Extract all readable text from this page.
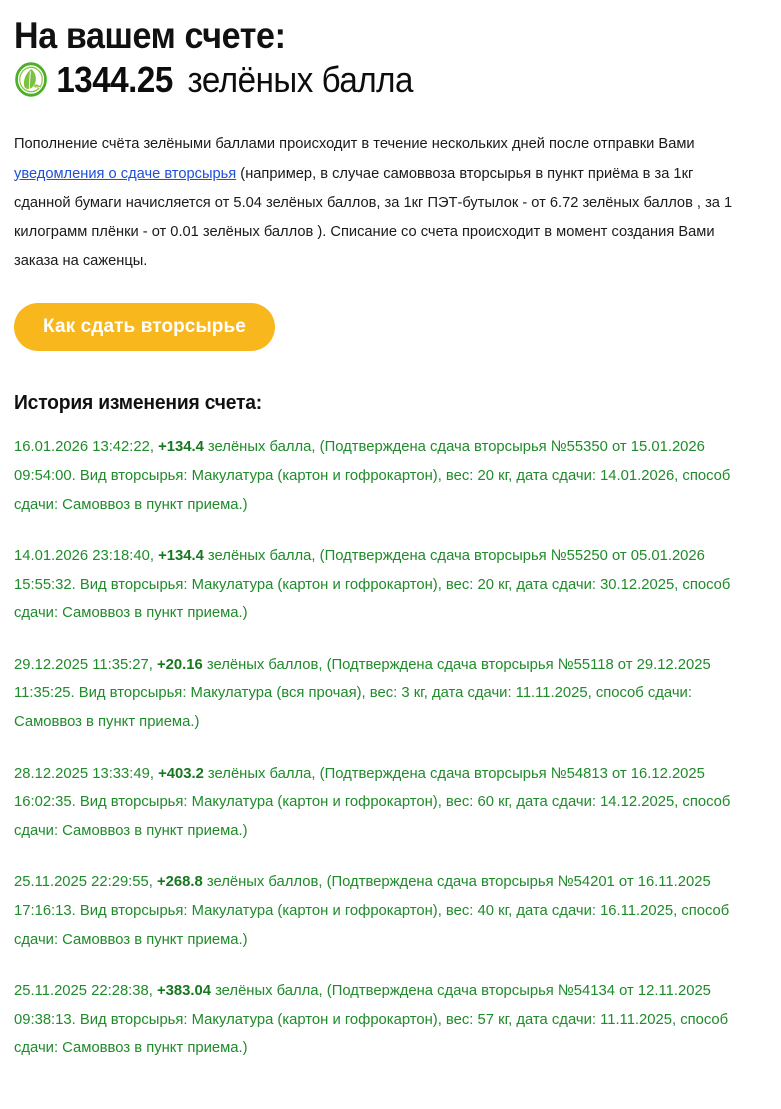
На вашем счете:
1344.25 зелёных балла

Пополнение счёта зелёными баллами происходит в течение нескольких дней после отправки Вами уведомления о сдаче вторсырья (например, в случае самоввоза вторсырья в пункт приёма в за 1кг сданной бумаги начисляется от 5.04 зелёных баллов, за 1кг ПЭТ-бутылок - от 6.72 зелёных баллов , за 1 килограмм плёнки - от 0.01 зелёных баллов ). Списание со счета происходит в момент создания Вами заказа на саженцы.

Как сдать вторсырье
История изменения счета:
16.01.2026 13:42:22, +134.4 зелёных балла, (Подтверждена сдача вторсырья №55350 от 15.01.2026 09:54:00. Вид вторсырья: Макулатура (картон и гофрокартон), вес: 20 кг, дата сдачи: 14.01.2026, способ сдачи: Самоввоз в пункт приема.)
14.01.2026 23:18:40, +134.4 зелёных балла, (Подтверждена сдача вторсырья №55250 от 05.01.2026 15:55:32. Вид вторсырья: Макулатура (картон и гофрокартон), вес: 20 кг, дата сдачи: 30.12.2025, способ сдачи: Самоввоз в пункт приема.)
29.12.2025 11:35:27, +20.16 зелёных баллов, (Подтверждена сдача вторсырья №55118 от 29.12.2025 11:35:25. Вид вторсырья: Макулатура (вся прочая), вес: 3 кг, дата сдачи: 11.11.2025, способ сдачи: Самоввоз в пункт приема.)
28.12.2025 13:33:49, +403.2 зелёных балла, (Подтверждена сдача вторсырья №54813 от 16.12.2025 16:02:35. Вид вторсырья: Макулатура (картон и гофрокартон), вес: 60 кг, дата сдачи: 14.12.2025, способ сдачи: Самоввоз в пункт приема.)
25.11.2025 22:29:55, +268.8 зелёных баллов, (Подтверждена сдача вторсырья №54201 от 16.11.2025 17:16:13. Вид вторсырья: Макулатура (картон и гофрокартон), вес: 40 кг, дата сдачи: 16.11.2025, способ сдачи: Самоввоз в пункт приема.)
25.11.2025 22:28:38, +383.04 зелёных балла, (Подтверждена сдача вторсырья №54134 от 12.11.2025 09:38:13. Вид вторсырья: Макулатура (картон и гофрокартон), вес: 57 кг, дата сдачи: 11.11.2025, способ сдачи: Самоввоз в пункт приема.)
